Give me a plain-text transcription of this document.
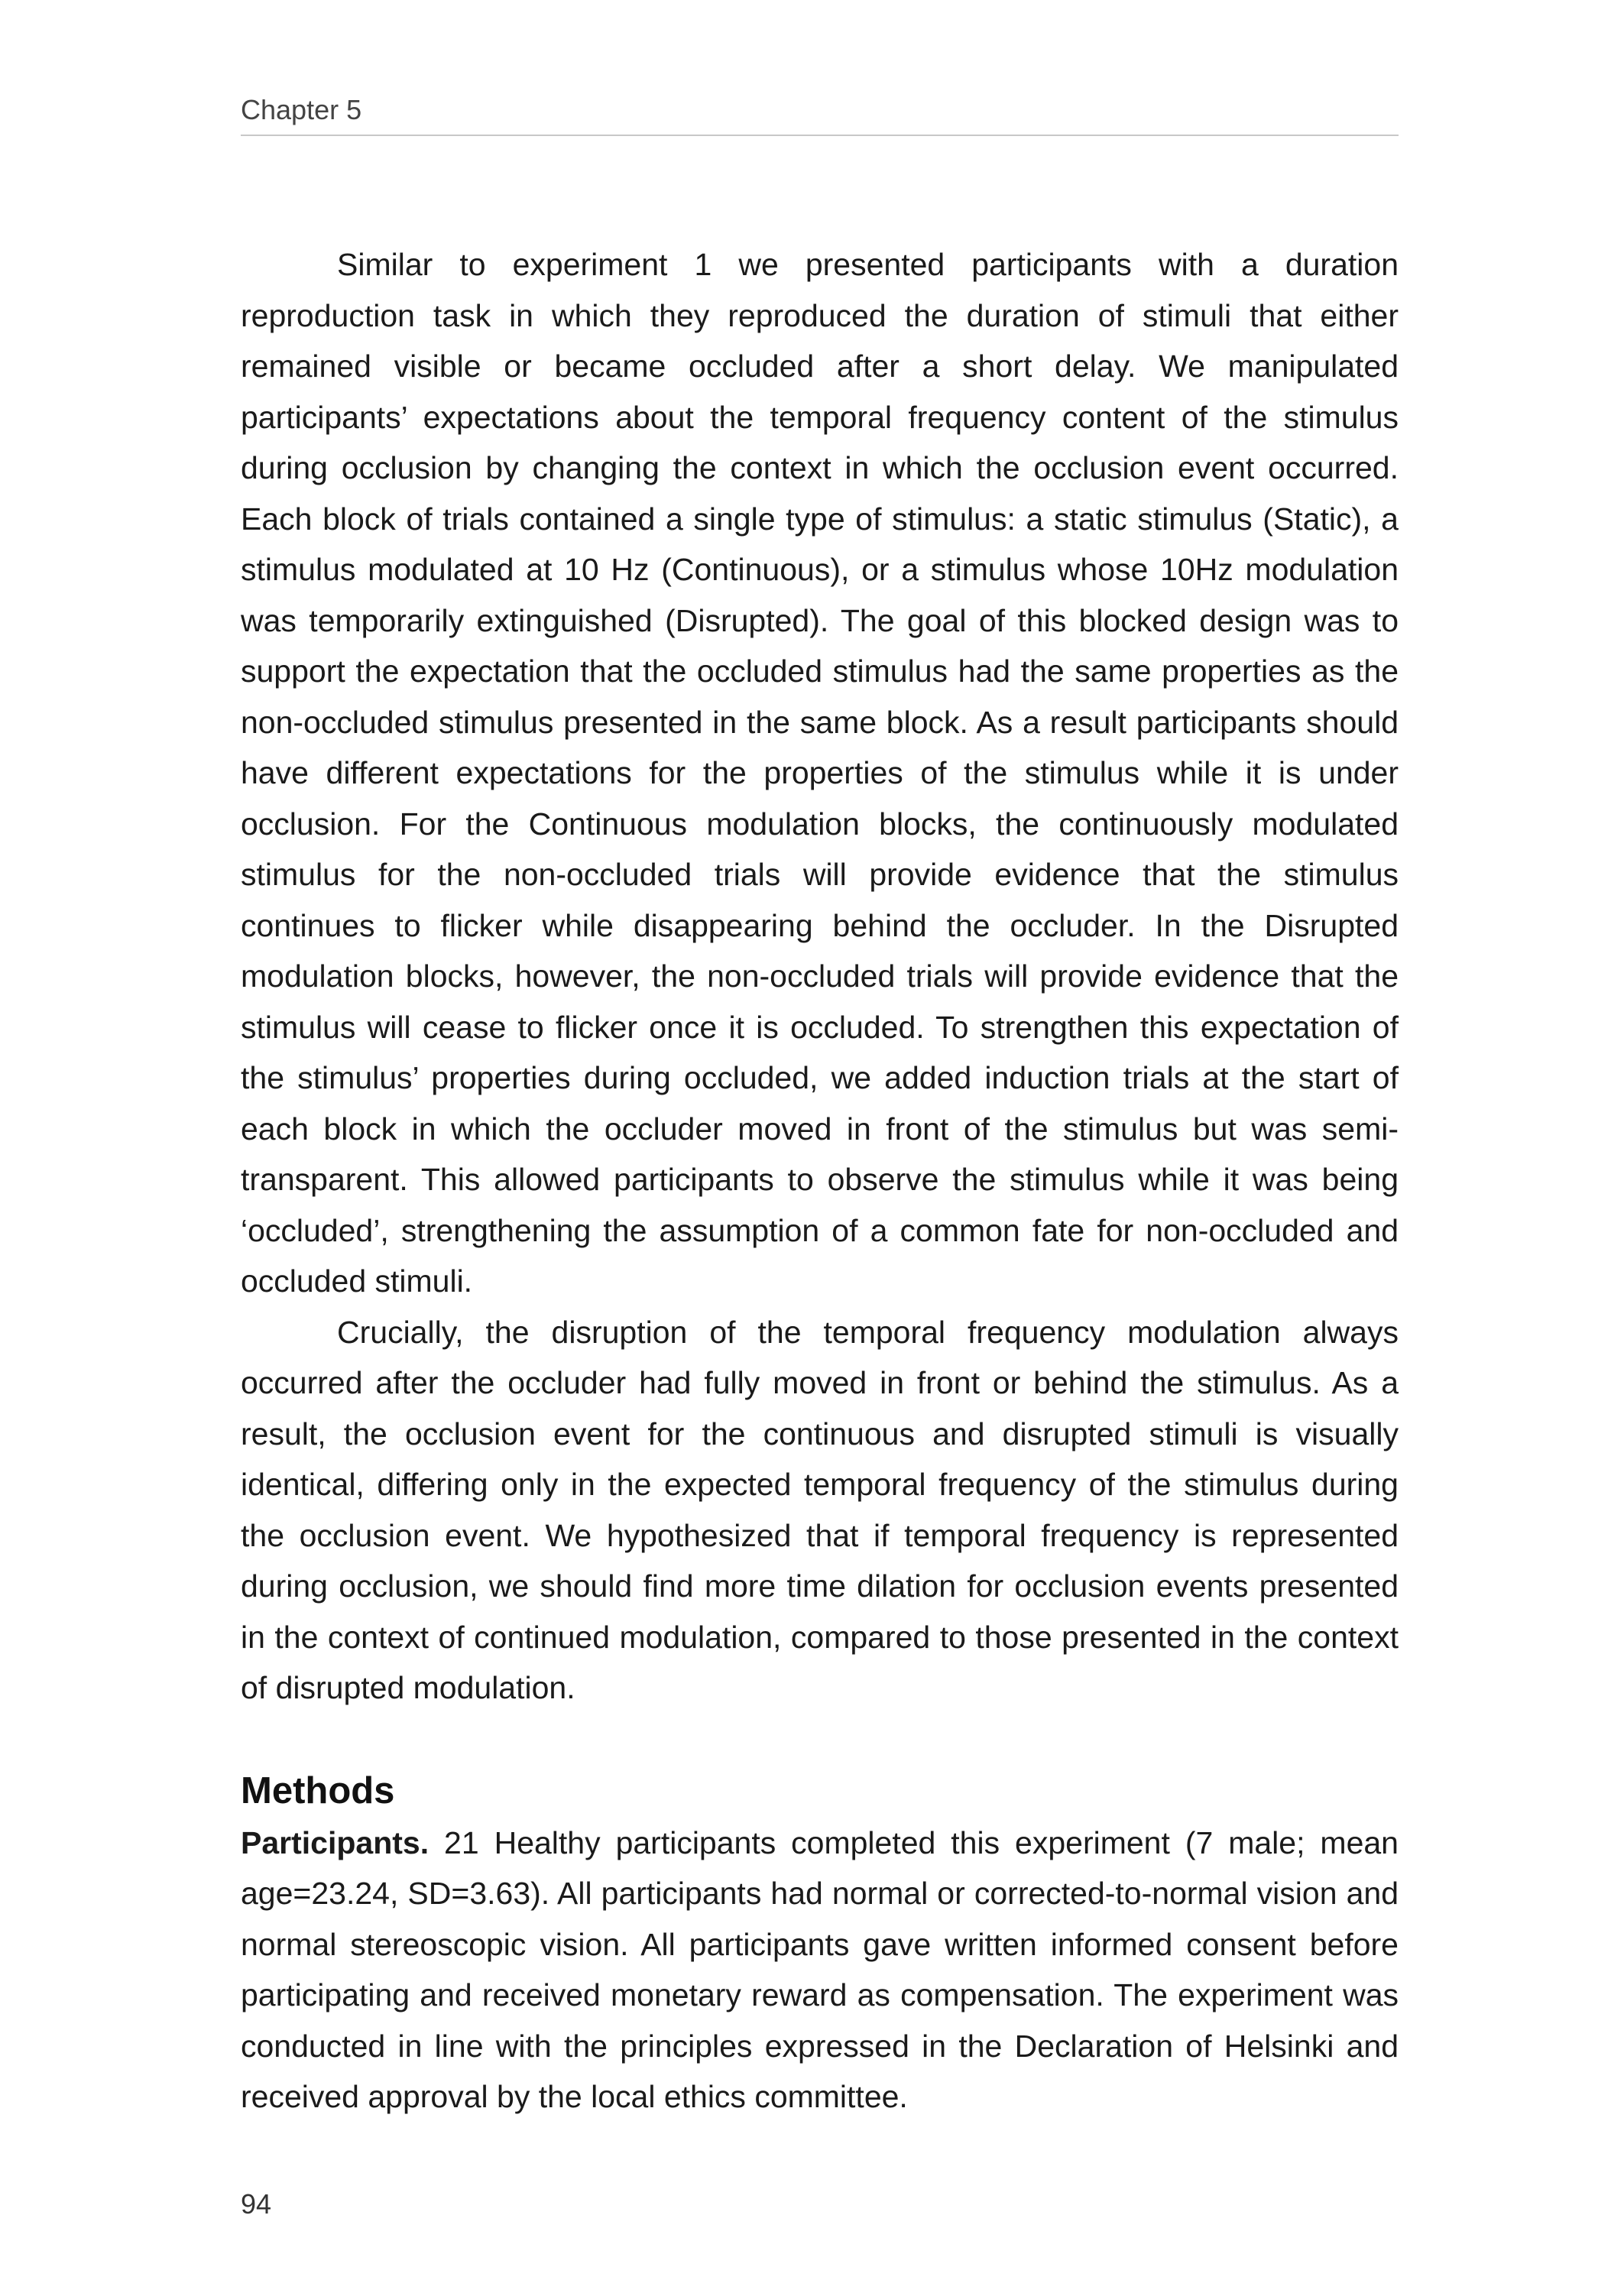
Chapter 5

Similar to experiment 1 we presented participants with a duration reproduction task in which they reproduced the duration of stimuli that either remained visible or became occluded after a short delay. We manipulated participants’ expectations about the temporal frequency content of the stimulus during occlusion by changing the context in which the occlusion event occurred. Each block of trials contained a single type of stimulus: a static stimulus (Static), a stimulus modulated at 10 Hz (Continuous), or a stimulus whose 10Hz modulation was temporarily extinguished (Disrupted). The goal of this blocked design was to support the expectation that the occluded stimulus had the same properties as the non-occluded stimulus presented in the same block. As a result participants should have different expectations for the properties of the stimulus while it is under occlusion. For the Continuous modulation blocks, the continuously modulated stimulus for the non-occluded trials will provide evidence that the stimulus continues to flicker while disappearing behind the occluder. In the Disrupted modulation blocks, however, the non-occluded trials will provide evidence that the stimulus will cease to flicker once it is occluded. To strengthen this expectation of the stimulus’ properties during occluded, we added induction trials at the start of each block in which the occluder moved in front of the stimulus but was semi-transparent. This allowed participants to observe the stimulus while it was being ‘occluded’, strengthening the assumption of a common fate for non-occluded and occluded stimuli.

Crucially, the disruption of the temporal frequency modulation always occurred after the occluder had fully moved in front or behind the stimulus. As a result, the occlusion event for the continuous and disrupted stimuli is visually identical, differing only in the expected temporal frequency of the stimulus during the occlusion event. We hypothesized that if temporal frequency is represented during occlusion, we should find more time dilation for occlusion events presented in the context of continued modulation, compared to those presented in the context of disrupted modulation.

Methods

Participants. 21 Healthy participants completed this experiment (7 male; mean age=23.24, SD=3.63). All participants had normal or corrected-to-normal vision and normal stereoscopic vision. All participants gave written informed consent before participating and received monetary reward as compensation. The experiment was conducted in line with the principles expressed in the Declaration of Helsinki and received approval by the local ethics committee.

94
